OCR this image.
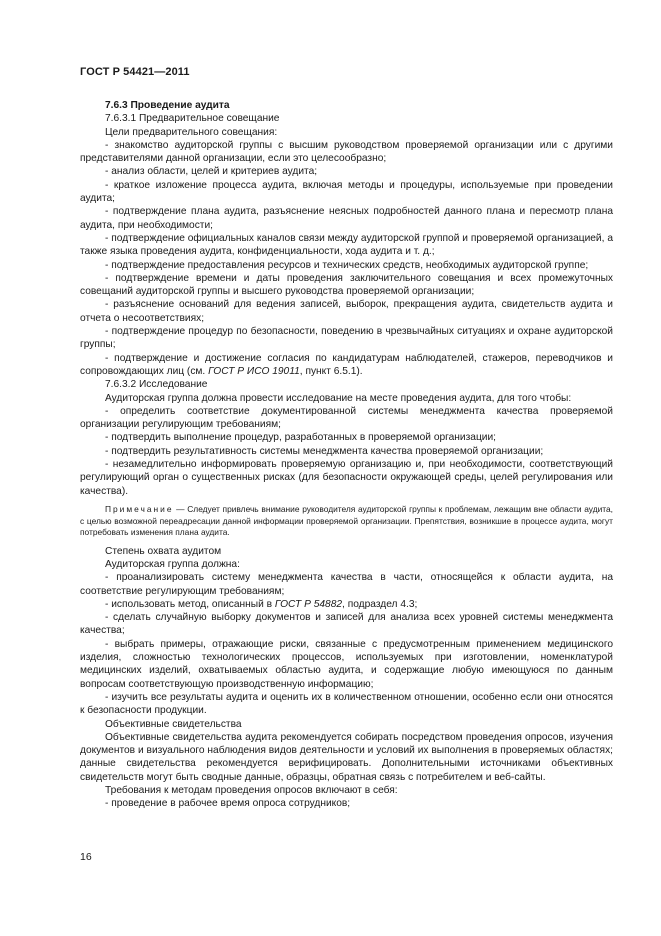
ГОСТ Р 54421—2011

7.6.3 Проведение аудита

7.6.3.1 Предварительное совещание

Цели предварительного совещания:

- знакомство аудиторской группы с высшим руководством проверяемой организации или с другими представителями данной организации, если это целесообразно;

- анализ области, целей и критериев аудита;

- краткое изложение процесса аудита, включая методы и процедуры, используемые при проведении аудита;

- подтверждение плана аудита, разъяснение неясных подробностей данного плана и пересмотр плана аудита, при необходимости;

- подтверждение официальных каналов связи между аудиторской группой и проверяемой организацией, а также языка проведения аудита, конфиденциальности, хода аудита и т. д.;

- подтверждение предоставления ресурсов и технических средств, необходимых аудиторской группе;

- подтверждение времени и даты проведения заключительного совещания и всех промежуточных совещаний аудиторской группы и высшего руководства проверяемой организации;

- разъяснение оснований для ведения записей, выборок, прекращения аудита, свидетельств аудита и отчета о несоответствиях;

- подтверждение процедур по безопасности, поведению в чрезвычайных ситуациях и охране аудиторской группы;

- подтверждение и достижение согласия по кандидатурам наблюдателей, стажеров, переводчиков и сопровождающих лиц (см. ГОСТ Р ИСО 19011, пункт 6.5.1).

7.6.3.2 Исследование

Аудиторская группа должна провести исследование на месте проведения аудита, для того чтобы:

- определить соответствие документированной системы менеджмента качества проверяемой организации регулирующим требованиям;

- подтвердить выполнение процедур, разработанных в проверяемой организации;

- подтвердить результативность системы менеджмента качества проверяемой организации;

- незамедлительно информировать проверяемую организацию и, при необходимости, соответствующий регулирующий орган о существенных рисках (для безопасности окружающей среды, целей регулирования или качества).

Примечание — Следует привлечь внимание руководителя аудиторской группы к проблемам, лежащим вне области аудита, с целью возможной переадресации данной информации проверяемой организации. Препятствия, возникшие в процессе аудита, могут потребовать изменения плана аудита.

Степень охвата аудитом

Аудиторская группа должна:

- проанализировать систему менеджмента качества в части, относящейся к области аудита, на соответствие регулирующим требованиям;

- использовать метод, описанный в ГОСТ Р 54882, подраздел 4.3;

- сделать случайную выборку документов и записей для анализа всех уровней системы менеджмента качества;

- выбрать примеры, отражающие риски, связанные с предусмотренным применением медицинского изделия, сложностью технологических процессов, используемых при изготовлении, номенклатурой медицинских изделий, охватываемых областью аудита, и содержащие любую имеющуюся по данным вопросам соответствующую производственную информацию;

- изучить все результаты аудита и оценить их в количественном отношении, особенно если они относятся к безопасности продукции.

Объективные свидетельства

Объективные свидетельства аудита рекомендуется собирать посредством проведения опросов, изучения документов и визуального наблюдения видов деятельности и условий их выполнения в проверяемых областях; данные свидетельства рекомендуется верифицировать. Дополнительными источниками объективных свидетельств могут быть сводные данные, образцы, обратная связь с потребителем и веб-сайты.

Требования к методам проведения опросов включают в себя:

- проведение в рабочее время опроса сотрудников;

16
